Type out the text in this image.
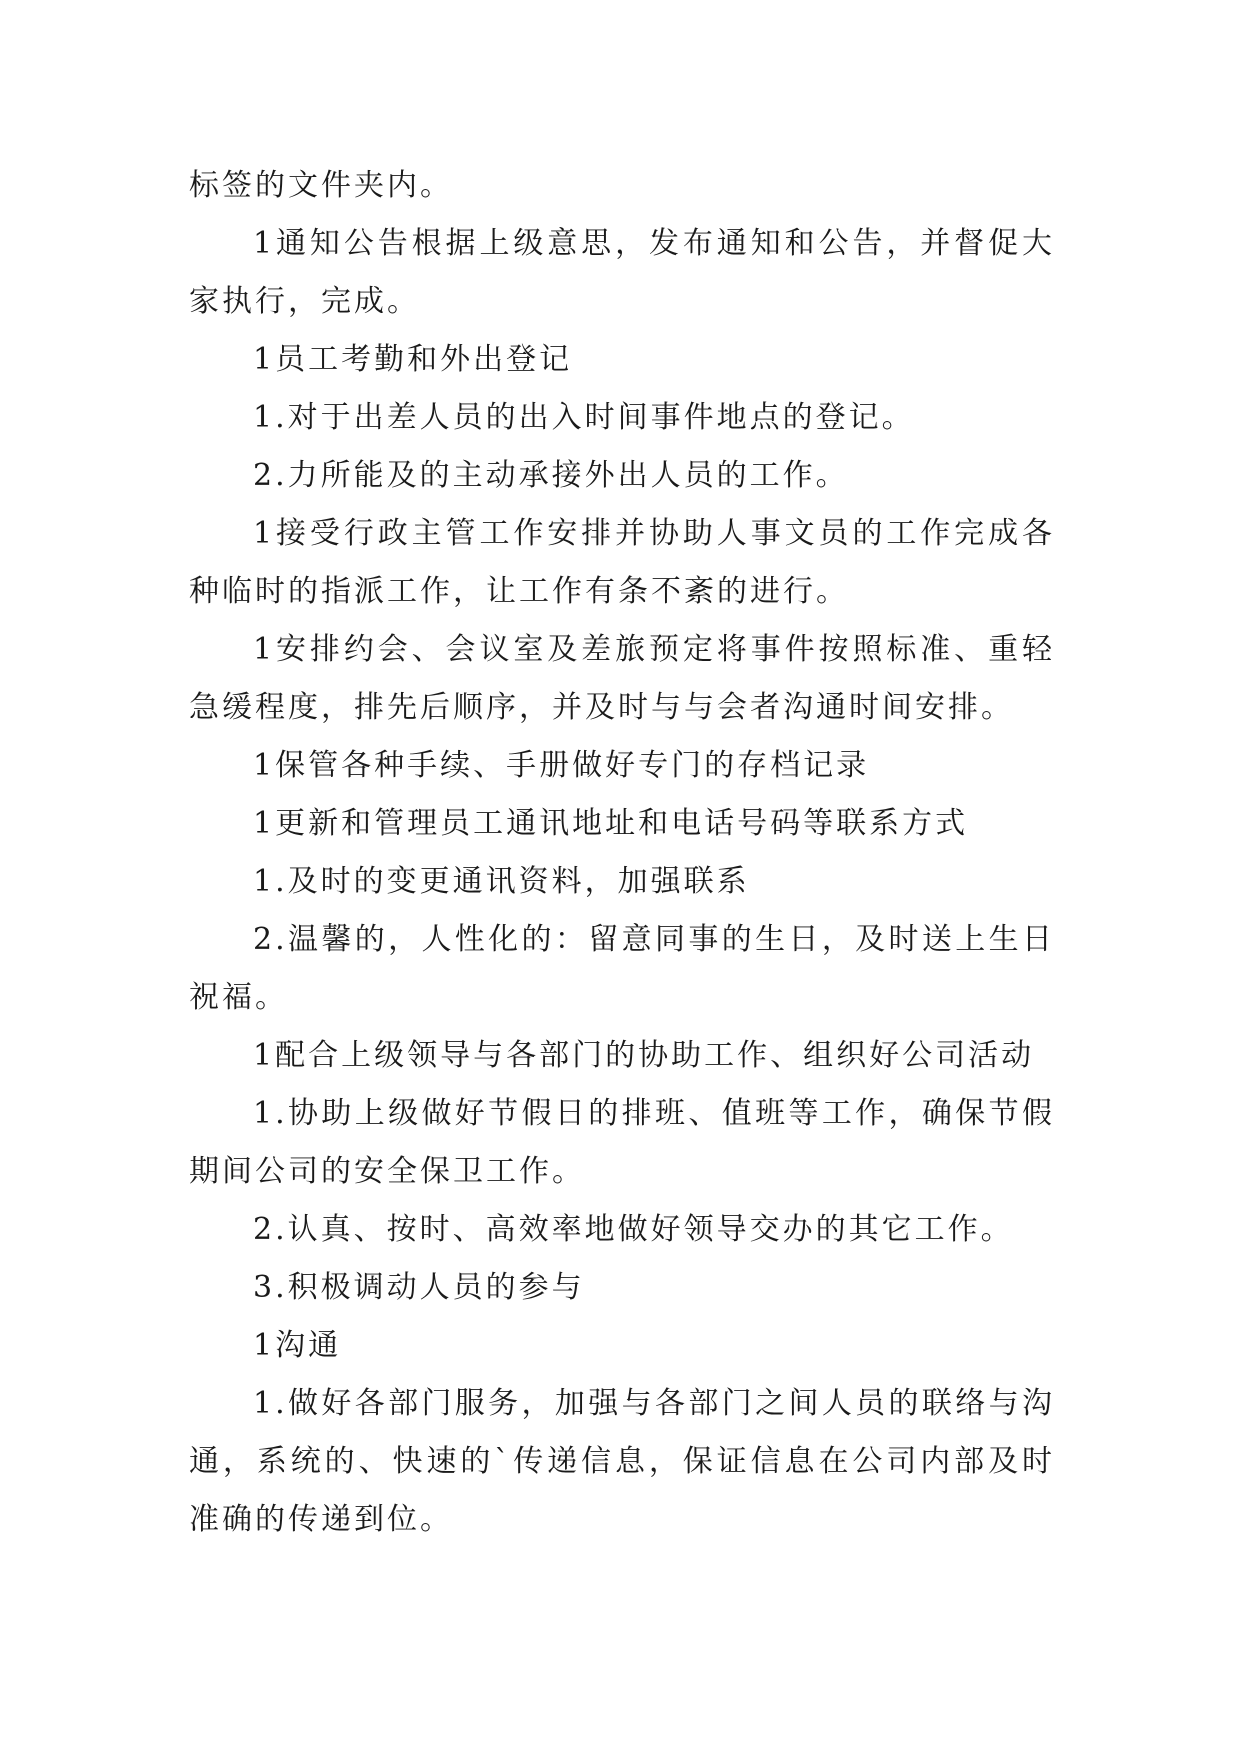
标签的文件夹内。

1通知公告根据上级意思，发布通知和公告，并督促大家执行，完成。

1员工考勤和外出登记

1.对于出差人员的出入时间事件地点的登记。

2.力所能及的主动承接外出人员的工作。

1接受行政主管工作安排并协助人事文员的工作完成各种临时的指派工作，让工作有条不紊的进行。

1安排约会、会议室及差旅预定将事件按照标准、重轻急缓程度，排先后顺序，并及时与与会者沟通时间安排。

1保管各种手续、手册做好专门的存档记录

1更新和管理员工通讯地址和电话号码等联系方式

1.及时的变更通讯资料，加强联系

2.温馨的，人性化的：留意同事的生日，及时送上生日祝福。

1配合上级领导与各部门的协助工作、组织好公司活动

1.协助上级做好节假日的排班、值班等工作，确保节假期间公司的安全保卫工作。

2.认真、按时、高效率地做好领导交办的其它工作。

3.积极调动人员的参与

1沟通

1.做好各部门服务，加强与各部门之间人员的联络与沟通，系统的、快速的`传递信息，保证信息在公司内部及时准确的传递到位。
